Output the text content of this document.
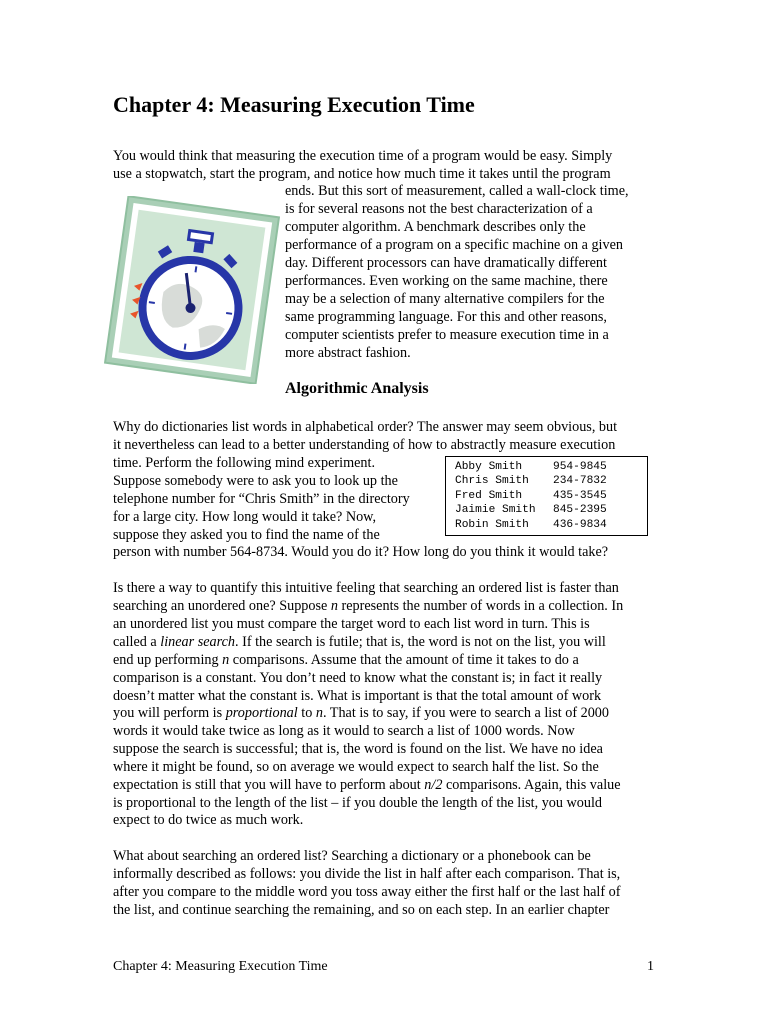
Chapter 4: Measuring Execution Time
You would think that measuring the execution time of a program would be easy. Simply
use a stopwatch, start the program, and notice how much time it takes until the program
ends. But this sort of measurement, called a wall-clock time,
is for several reasons not the best characterization of a
computer algorithm. A benchmark describes only the
performance of a program on a specific machine on a given
day. Different processors can have dramatically different
performances. Even working on the same machine, there
may be a selection of many alternative compilers for the
same programming language. For this and other reasons,
computer scientists prefer to measure execution time in a
more abstract fashion.
Algorithmic Analysis
Why do dictionaries list words in alphabetical order? The answer may seem obvious, but
it nevertheless can lead to a better understanding of how to abstractly measure execution
time. Perform the following mind experiment.
Suppose somebody were to ask you to look up the
telephone number for “Chris Smith” in the directory
for a large city. How long would it take? Now,
suppose they asked you to find the name of the
person with number 564-8734. Would you do it? How long do you think it would take?
Abby Smith	954-9845
Chris Smith 234-7832
Fred Smith	435-3545
Jaimie Smith 845-2395
Robin Smith 436-9834
Is there a way to quantify this intuitive feeling that searching an ordered list is faster than
searching an unordered one? Suppose n represents the number of words in a collection. In
an unordered list you must compare the target word to each list word in turn. This is
called a linear search. If the search is futile; that is, the word is not on the list, you will
end up performing n comparisons. Assume that the amount of time it takes to do a
comparison is a constant. You don’t need to know what the constant is; in fact it really
doesn’t matter what the constant is. What is important is that the total amount of work
you will perform is proportional to n. That is to say, if you were to search a list of 2000
words it would take twice as long as it would to search a list of 1000 words. Now
suppose the search is successful; that is, the word is found on the list. We have no idea
where it might be found, so on average we would expect to search half the list. So the
expectation is still that you will have to perform about n/2 comparisons. Again, this value
is proportional to the length of the list – if you double the length of the list, you would
expect to do twice as much work.
What about searching an ordered list? Searching a dictionary or a phonebook can be
informally described as follows: you divide the list in half after each comparison. That is,
after you compare to the middle word you toss away either the first half or the last half of
the list, and continue searching the remaining, and so on each step. In an earlier chapter
Chapter 4: Measuring Execution Time	1
